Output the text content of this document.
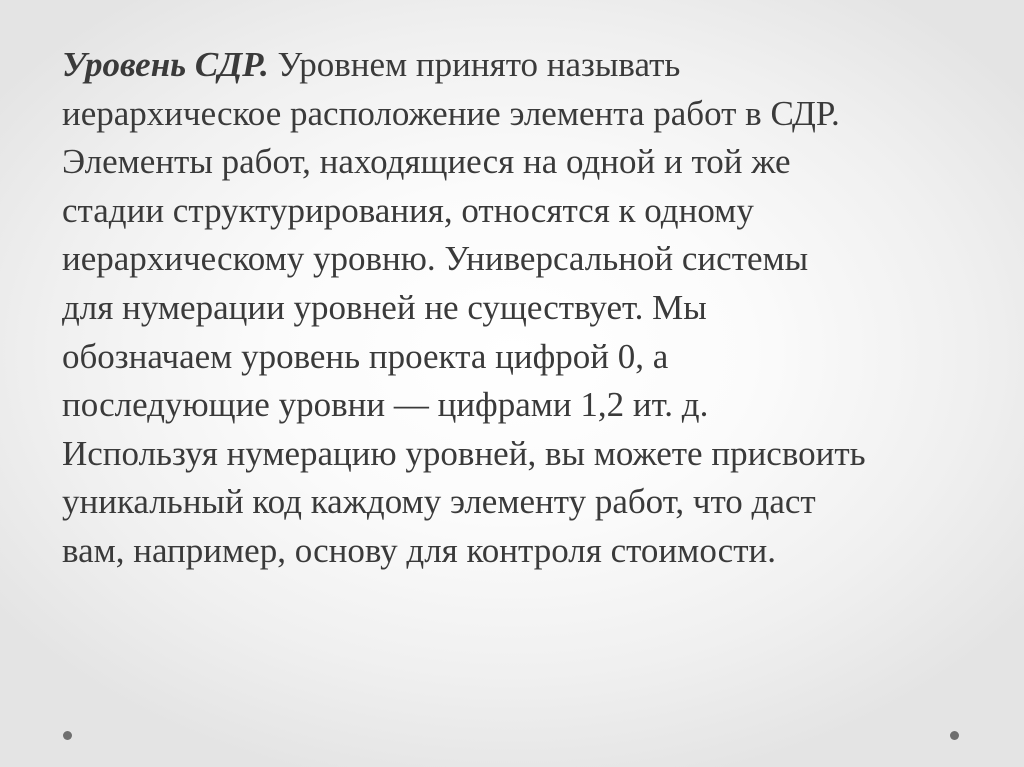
Уровень СДР. Уровнем принято называть
иерархическое расположение элемента работ в СДР.
Элементы работ, находящиеся на одной и той же
стадии структурирования, относятся к одному
иерархическому уровню. Универсальной системы
для нумерации уровней не существует. Мы
обозначаем уровень проекта цифрой 0, а
последующие уровни — цифрами 1,2 ит. д.
Используя нумерацию уровней, вы можете присвоить
уникальный код каждому элементу работ, что даст
вам, например, основу для контроля стоимости.
